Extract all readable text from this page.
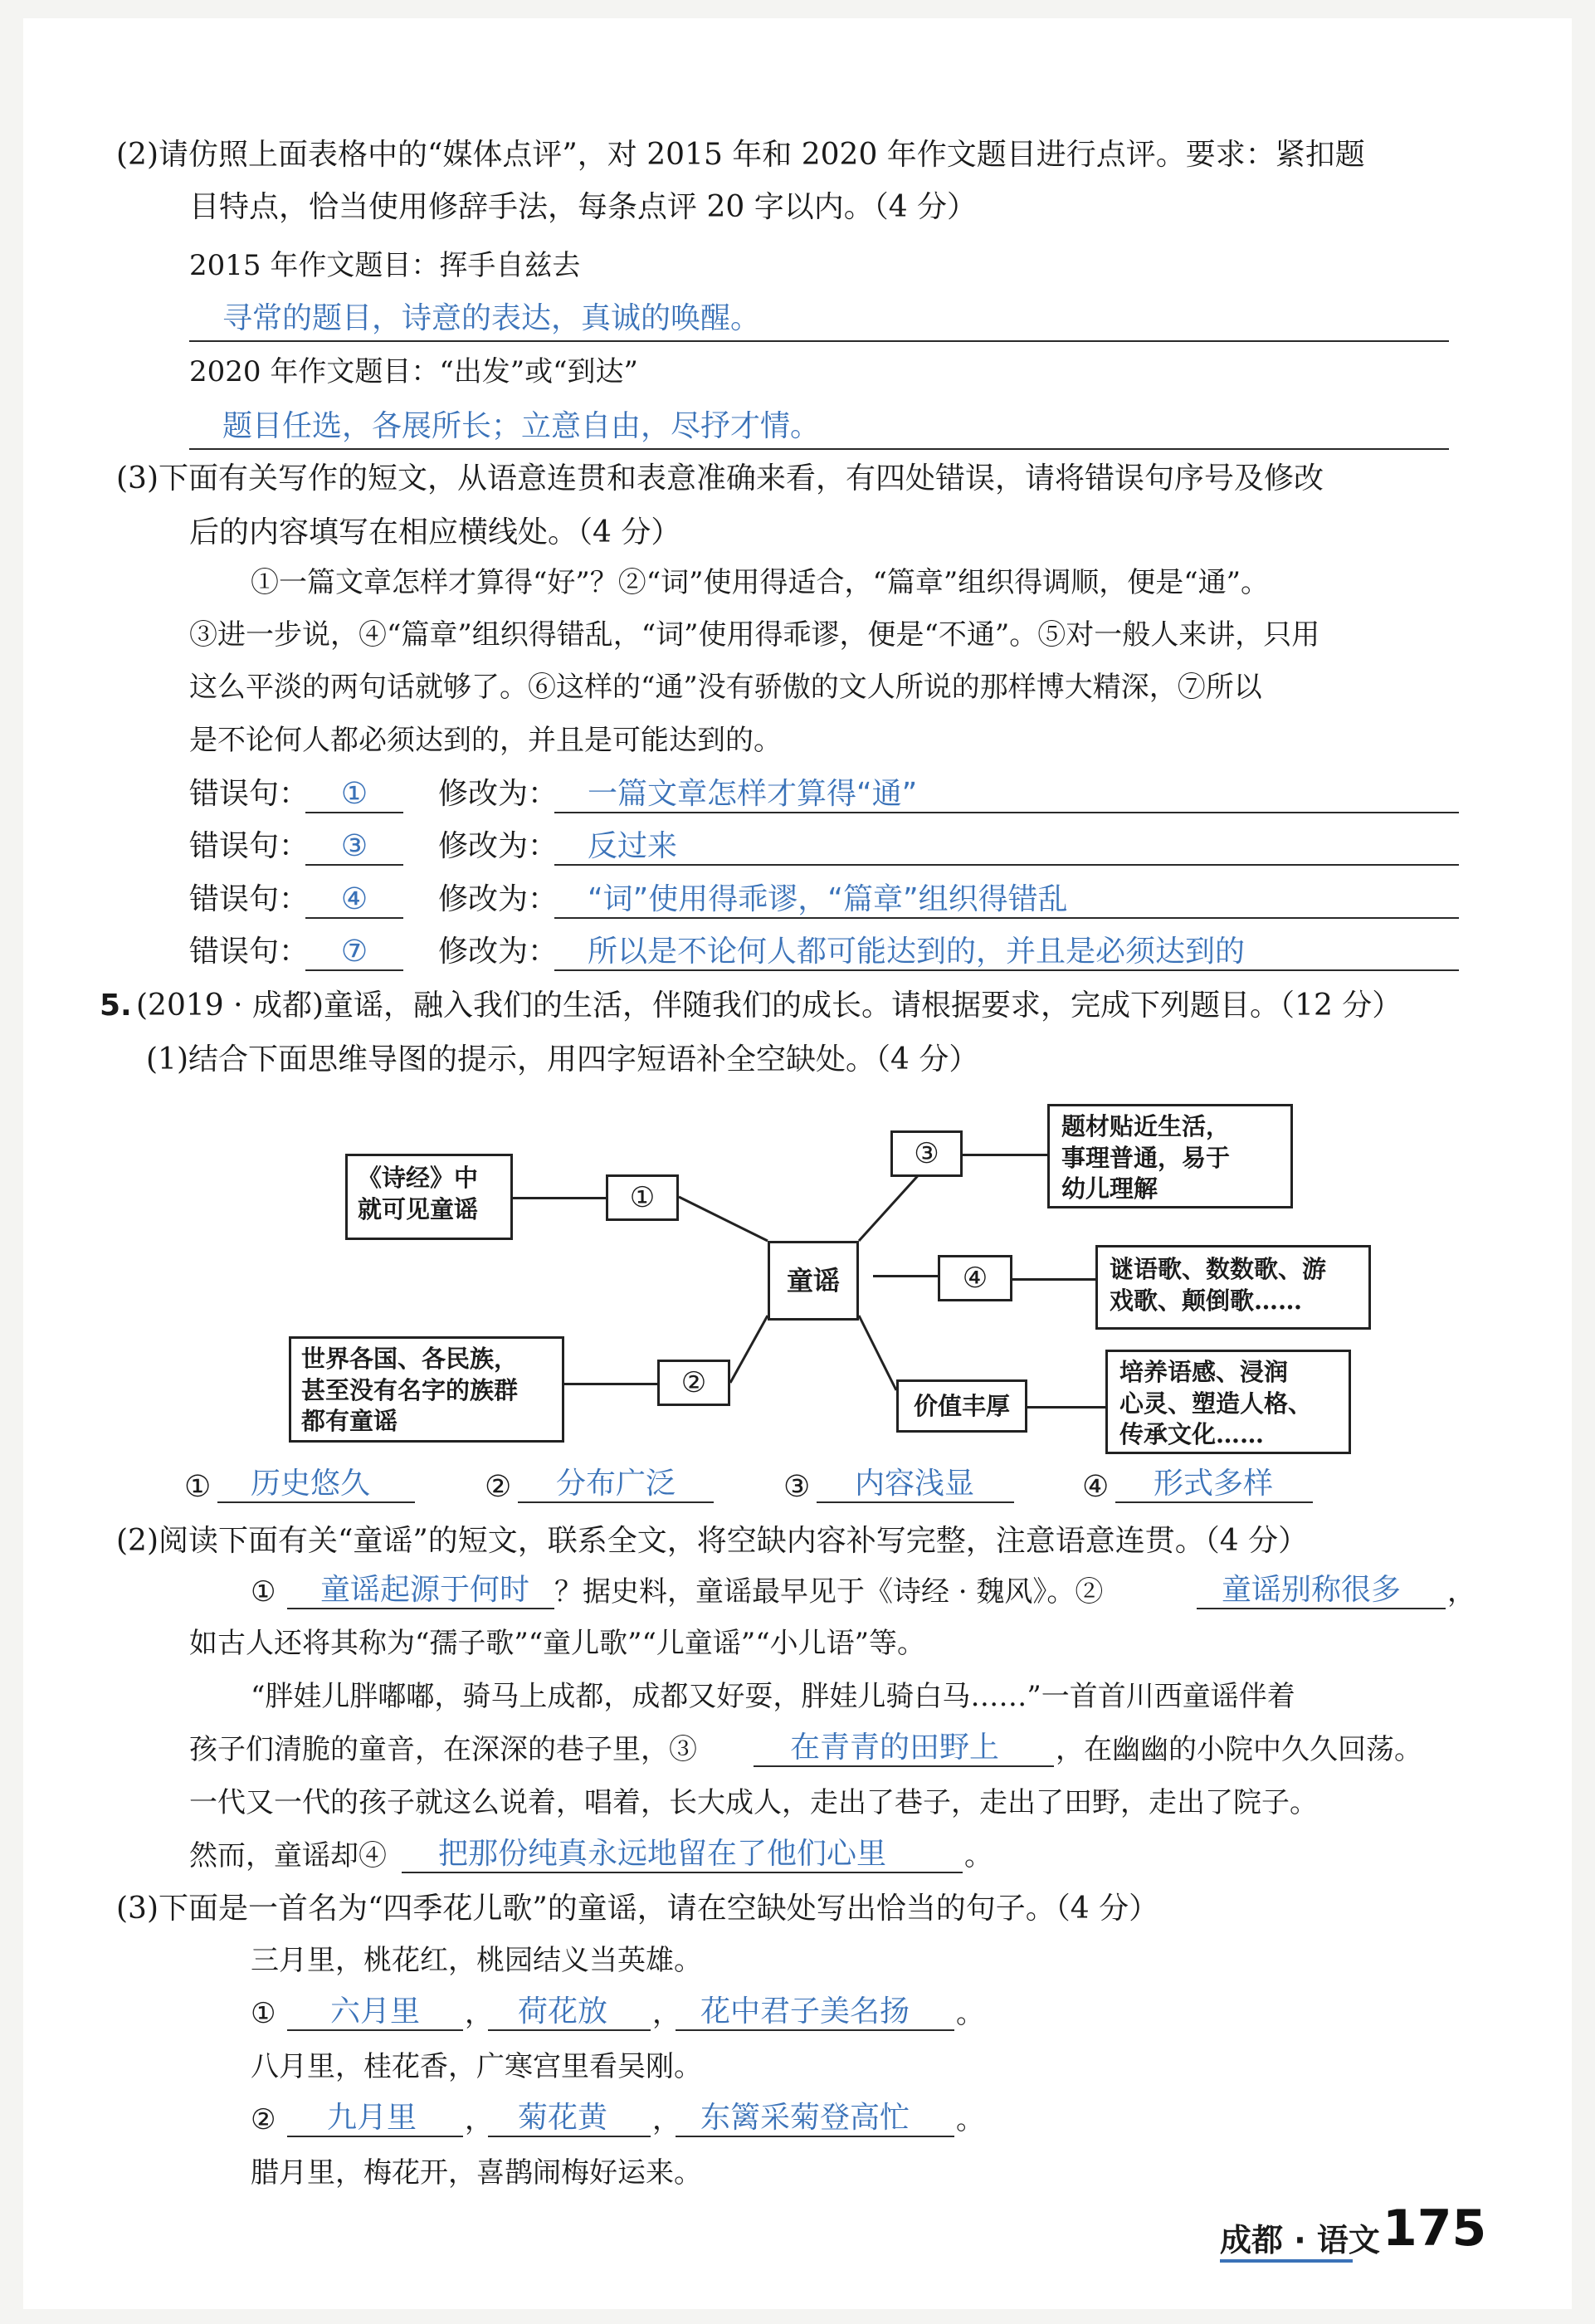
(2)请仿照上面表格中的“媒体点评”，对 2015 年和 2020 年作文题目进行点评。要求：紧扣题
目特点，恰当使用修辞手法，每条点评 20 字以内。（4 分）
2015 年作文题目：挥手自兹去
寻常的题目，诗意的表达，真诚的唤醒。
2020 年作文题目：“出发”或“到达”
题目任选，各展所长；立意自由，尽抒才情。
(3)下面有关写作的短文，从语意连贯和表意准确来看，有四处错误，请将错误句序号及修改
后的内容填写在相应横线处。（4 分）
①一篇文章怎样才算得“好”？②“词”使用得适合，“篇章”组织得调顺，便是“通”。
③进一步说，④“篇章”组织得错乱，“词”使用得乖谬，便是“不通”。⑤对一般人来讲，只用
这么平淡的两句话就够了。⑥这样的“通”没有骄傲的文人所说的那样博大精深，⑦所以
是不论何人都必须达到的，并且是可能达到的。
错误句：	①	修改为： 一篇文章怎样才算得“通”
错误句：	③	修改为： 反过来
错误句：	④	修改为： “词”使用得乖谬，“篇章”组织得错乱
错误句：	⑦	修改为： 所以是不论何人都可能达到的，并且是必须达到的
5. (2019 · 成都)童谣，融入我们的生活，伴随我们的成长。请根据要求，完成下列题目。（12 分）
(1)结合下面思维导图的提示，用四字短语补全空缺处。（4 分）
《诗经》中
就可见童谣	①
童谣
③
题材贴近生活，
事理普通，易于
幼儿理解
④	谜语歌、数数歌、游
戏歌、颠倒歌……
世界各国、各民族，
甚至没有名字的族群
都有童谣
②
价值丰厚
培养语感、浸润
心灵、塑造人格、
传承文化……
①	历史悠久	②	分布广泛	③	内容浅显	④	形式多样
(2)阅读下面有关“童谣”的短文，联系全文，将空缺内容补写完整，注意语意连贯。（4 分）
①	童谣起源于何时 ？据史料，童谣最早见于《诗经 · 魏风》。②	童谣别称很多	，
如古人还将其称为“孺子歌”“童儿歌”“儿童谣”“小儿语”等。
“胖娃儿胖嘟嘟，骑马上成都，成都又好耍，胖娃儿骑白马……”一首首川西童谣伴着
孩子们清脆的童音，在深深的巷子里，③	在青青的田野上	，在幽幽的小院中久久回荡。
一代又一代的孩子就这么说着，唱着，长大成人，走出了巷子，走出了田野，走出了院子。
然而，童谣却④	把那份纯真永远地留在了他们心里	。
(3)下面是一首名为“四季花儿歌”的童谣，请在空缺处写出恰当的句子。（4 分）
三月里，桃花红，桃园结义当英雄。
①	六月里	， 荷花放	， 花中君子美名扬	。
八月里，桂花香，广寒宫里看吴刚。
②	九月里	， 菊花黄	， 东篱采菊登高忙	。
腊月里，梅花开，喜鹊闹梅好运来。
成都 · 语文 175
